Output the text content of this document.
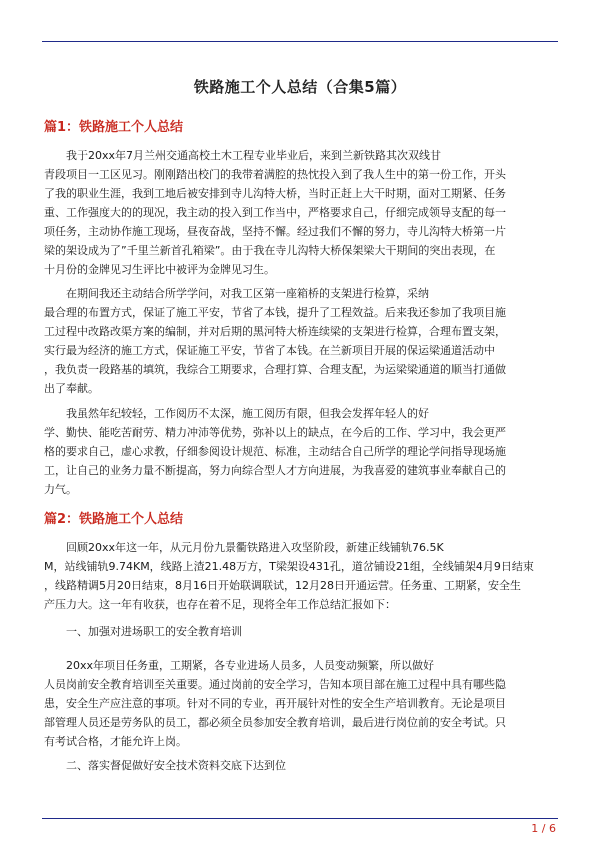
铁路施工个人总结（合集5篇）
篇1：铁路施工个人总结
我于20xx年7月兰州交通高校土木工程专业毕业后，来到兰新铁路其次双线甘
青段项目一工区见习。刚刚踏出校门的我带着满腔的热忱投入到了我人生中的第一份工作，开头
了我的职业生涯，我到工地后被安排到寺儿沟特大桥，当时正赶上大干时期，面对工期紧、任务
重、工作强度大的的现况，我主动的投入到工作当中，严格要求自己，仔细完成领导支配的每一
项任务，主动协作施工现场，昼夜奋战，坚持不懈。经过我们不懈的努力，寺儿沟特大桥第一片
梁的架设成为了”千里兰新首孔箱梁”。由于我在寺儿沟特大桥保架梁大干期间的突出表现，在
十月份的金牌见习生评比中被评为金牌见习生。
在期间我还主动结合所学学问，对我工区第一座箱桥的支架进行检算，采纳
最合理的布置方式，保证了施工平安，节省了本钱，提升了工程效益。后来我还参加了我项目施
工过程中改路改渠方案的编制，并对后期的黑河特大桥连续梁的支架进行检算，合理布置支架，
实行最为经济的施工方式，保证施工平安，节省了本钱。在兰新项目开展的保运梁通道活动中
，我负责一段路基的填筑，我综合工期要求，合理打算、合理支配，为运梁梁通道的顺当打通做
出了奉献。
我虽然年纪较轻，工作阅历不太深，施工阅历有限，但我会发挥年轻人的好
学、勤快、能吃苦耐劳、精力冲沛等优势，弥补以上的缺点，在今后的工作、学习中，我会更严
格的要求自己，虚心求教，仔细参阅设计规范、标准，主动结合自己所学的理论学问指导现场施
工，让自己的业务力量不断提高，努力向综合型人才方向进展，为我喜爱的建筑事业奉献自己的
力气。
篇2：铁路施工个人总结
回顾20xx年这一年，从元月份九景衢铁路进入攻坚阶段，新建正线铺轨76.5K
M，站线铺轨9.74KM，线路上渣21.48万方，T梁架设431孔，道岔铺设21组，全线铺架4月9日结束
，线路精调5月20日结束，8月16日开始联调联试，12月28日开通运营。任务重、工期紧，安全生
产压力大。这一年有收获，也存在着不足，现将全年工作总结汇报如下：
一、加强对进场职工的安全教育培训
20xx年项目任务重，工期紧，各专业进场人员多，人员变动频繁，所以做好
人员岗前安全教育培训至关重要。通过岗前的安全学习，告知本项目部在施工过程中具有哪些隐
患，安全生产应注意的事项。针对不同的专业，再开展针对性的安全生产培训教育。无论是项目
部管理人员还是劳务队的员工，都必须全员参加安全教育培训，最后进行岗位前的安全考试。只
有考试合格，才能允许上岗。
二、落实督促做好安全技术资料交底下达到位
1 / 6
